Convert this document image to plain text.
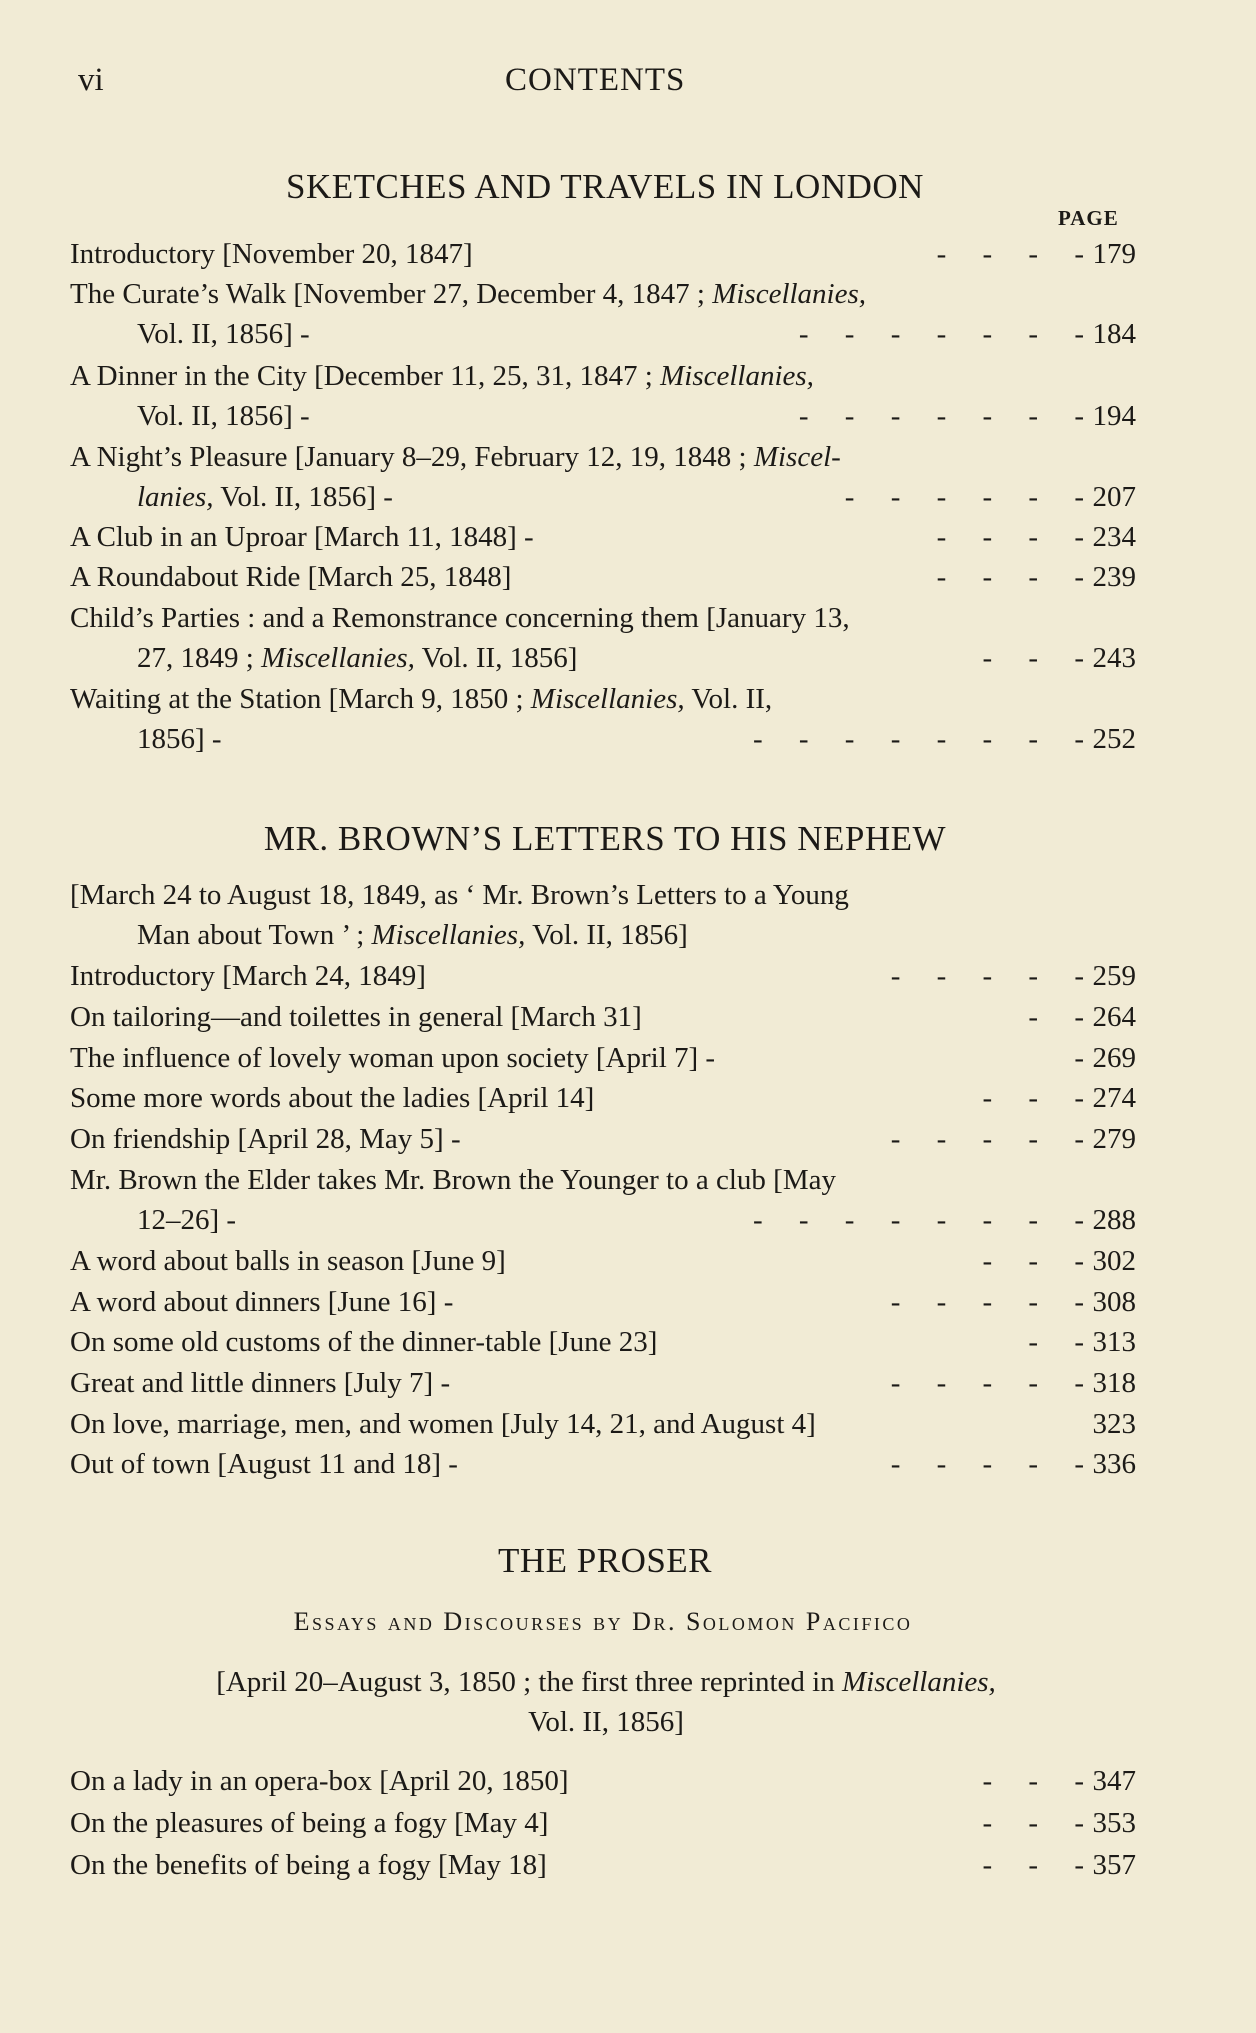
vi	CONTENTS
SKETCHES AND TRAVELS IN LONDON
PAGE
Introductory [November 20, 1847]	-     -     -     - 179
The Curate’s Walk [November 27, December 4, 1847 ; Miscellanies,
Vol. II, 1856] -	-     -     -     -     -     -     - 184
A Dinner in the City [December 11, 25, 31, 1847 ; Miscellanies,
Vol. II, 1856] -	-     -     -     -     -     -     - 194
A Night’s Pleasure [January 8–29, February 12, 19, 1848 ; Miscel-
lanies, Vol. II, 1856] -	-     -     -     -     -     - 207
A Club in an Uproar [March 11, 1848] -	-     -     -     - 234
A Roundabout Ride [March 25, 1848]	-     -     -     - 239
Child’s Parties : and a Remonstrance concerning them [January 13,
27, 1849 ; Miscellanies, Vol. II, 1856]	-     -     - 243
Waiting at the Station [March 9, 1850 ; Miscellanies, Vol. II,
1856] -	-     -     -     -     -     -     -     - 252
MR. BROWN’S LETTERS TO HIS NEPHEW
[March 24 to August 18, 1849, as ‘ Mr. Brown’s Letters to a Young
Man about Town ’ ; Miscellanies, Vol. II, 1856]
Introductory [March 24, 1849]	-     -     -     -     - 259
On tailoring—and toilettes in general [March 31]	-     - 264
The influence of lovely woman upon society [April 7] -	- 269
Some more words about the ladies [April 14]	-     -     - 274
On friendship [April 28, May 5] -	-     -     -     -     - 279
Mr. Brown the Elder takes Mr. Brown the Younger to a club [May
12–26] -	-     -     -     -     -     -     -     - 288
A word about balls in season [June 9]	-     -     - 302
A word about dinners [June 16] -	-     -     -     -     - 308
On some old customs of the dinner-table [June 23]	-     - 313
Great and little dinners [July 7] -	-     -     -     -     - 318
On love, marriage, men, and women [July 14, 21, and August 4]	323
Out of town [August 11 and 18] -	-     -     -     -     - 336
THE PROSER
Essays and Discourses by Dr. Solomon Pacifico
[April 20–August 3, 1850 ; the first three reprinted in Miscellanies,
Vol. II, 1856]
On a lady in an opera-box [April 20, 1850]	-     -     - 347
On the pleasures of being a fogy [May 4]	-     -     - 353
On the benefits of being a fogy [May 18]	-     -     - 357
